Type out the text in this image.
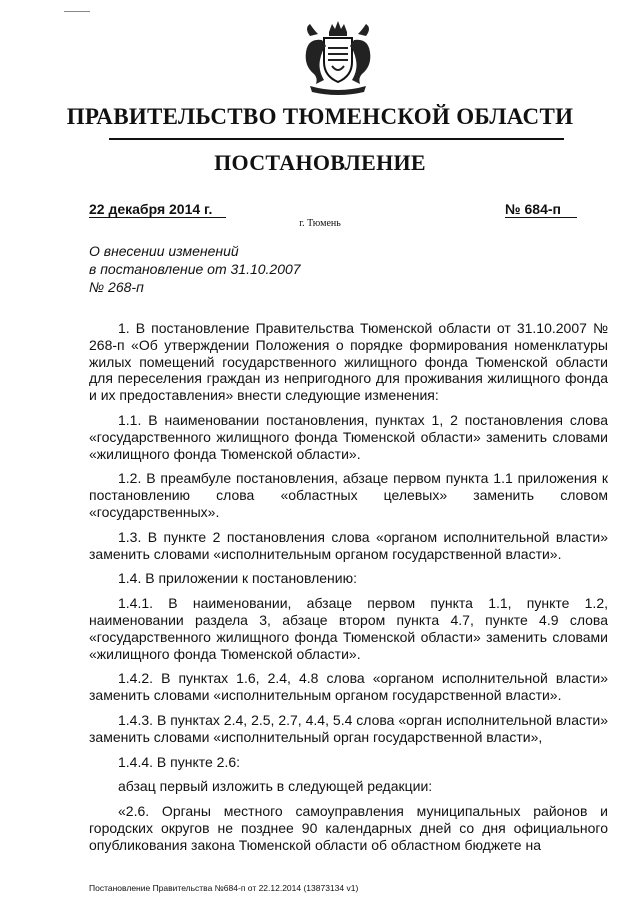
ПРАВИТЕЛЬСТВО ТЮМЕНСКОЙ ОБЛАСТИ
ПОСТАНОВЛЕНИЕ
22 декабря 2014 г.	№ 684-п
г. Тюмень
О внесении изменений
в постановление от 31.10.2007
№ 268-п

1. В постановление Правительства Тюменской области от 31.10.2007 № 268-п «Об утверждении Положения о порядке формирования номенклатуры жилых помещений государственного жилищного фонда Тюменской области для переселения граждан из непригодного для проживания жилищного фонда и их предоставления» внести следующие изменения:

1.1. В наименовании постановления, пунктах 1, 2 постановления слова «государственного жилищного фонда Тюменской области» заменить словами «жилищного фонда Тюменской области».

1.2. В преамбуле постановления, абзаце первом пункта 1.1 приложения к постановлению слова «областных целевых» заменить словом «государственных».

1.3. В пункте 2 постановления слова «органом исполнительной власти» заменить словами «исполнительным органом государственной власти».

1.4. В приложении к постановлению:

1.4.1. В наименовании, абзаце первом пункта 1.1, пункте 1.2, наименовании раздела 3, абзаце втором пункта 4.7, пункте 4.9 слова «государственного жилищного фонда Тюменской области» заменить словами «жилищного фонда Тюменской области».

1.4.2. В пунктах 1.6, 2.4, 4.8 слова «органом исполнительной власти» заменить словами «исполнительным органом государственной власти».

1.4.3. В пунктах 2.4, 2.5, 2.7, 4.4, 5.4 слова «орган исполнительной власти» заменить словами «исполнительный орган государственной власти»,

1.4.4. В пункте 2.6:

абзац первый изложить в следующей редакции:

«2.6. Органы местного самоуправления муниципальных районов и городских округов не позднее 90 календарных дней со дня официального опубликования закона Тюменской области об областном бюджете на

Постановление Правительства №684-п от 22.12.2014 (13873134 v1)
